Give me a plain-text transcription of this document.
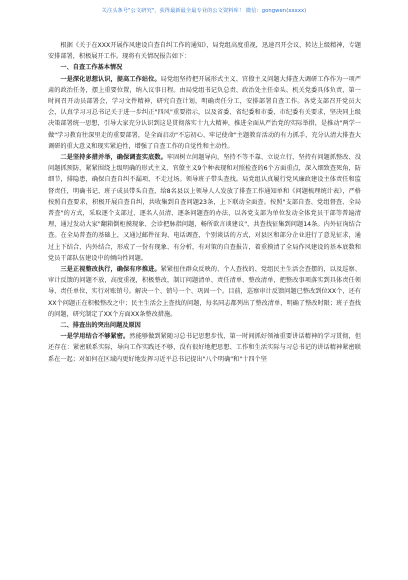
关注头条号"公文研究"，获得最新最全最专业的公文资料库！ 微信：gongwen(xxxxx)

根据《关于在XXX开展作风建设自查自纠工作的通知》，局党组高度重视，迅速召开会议，转达上级精神，专题安排部署，积极展开工作。现将有关情况报告如下：

一、自查工作基本情况

一是深化思想认识，提高工作站位。局党组坚持把开展形式主义、官僚主义问题大排查大调研工作作为一项严肃的政治任务，摆上重要位置，纳入议事日程。由局党组书记负总责、政治处主任牵头、机关党委具体负责，第一时间召开动员部署会，学习文件精神，研究自查计划，明确责任分工，安排部署自查工作。各党支部召开党员大会，认真学习习总书记关于进一步纠正"四风"重要指示，以及省委、省纪委和市委、市纪委有关要求，坚决同上级决策部署统一思想，引导大家充分认识到这是贯彻落实十九大精神，推进全面从严治党的实际举措，是推动"两学一做"学习教育往深里走的重要部署，是全面启动"不忘初心、牢记使命"主题教育活动的有力抓手，充分认清大排查大调研的重大意义和现实紧迫性，增强了自查工作的自觉性和主动性。

二是坚持多措并举，确保调查实底数。牢固树立问题导向，坚持不等不靠、立说立行，坚持有问题抓整改、没问题抓预防，紧紧围绕上级明确的形式主义、官僚主义9个种表现和对照检查的6个方面重点，深入细致查死角，防细节，排隐患，确保自查自纠不漏项，不走过场。领导班子带头查找。局党组认真履行党风廉政建设主体责任和监督责任，明确书记、班子成员带头自查，给8名县以上领导人人发放了排查工作通知单和《问题梳理统计表》，严格按照自查要求，积极开展自查自纠，共收集到自查问题23条，上下联动全面查。按照"支部自查、党组督查、全局普查"的方式，采取逐个支部过、逐名人员清、逐条问题查的办法，以各党支部为单位发动全体党员干部等普遍清理，通过发动大家"翻箱倒柜摸现象、会诊把脉指问题，畅所欲言谈建议"，共查找征集到问题14条。内外征询结合查。在全局普查的基础上，又通过邮件征询、电话调查，个别谈话的方式，对县区和部分企业进行了意见征求，通过上下结合、内外结合，形成了一份有现象、有分析，有对策的自查报告，着重摸清了全局作风建设的基本底数和党员干部队伍建设中的倾向性问题。

三是正视整改执行，确保有序推进。紧紧扭住群众反映的、个人查找的、党组民主生活会查摆的，以及巡察、审计反馈的问题不放，高度重视，积极整改，制订问题清单、责任清单、整改清单，把整改事项落实到具体责任领导、责任单位，实行对账销号。解决一个、销号一个、巩固一个。目前，巡察审计反馈问题已整改到位XX个，还有XX个问题正在积极整改之中；民主生活会上查找的问题，每名同志都列出了整改清单，明确了整改时限；班子查找的问题，研究制定了XX个方面XX条整改措施。

二、排查出的突出问题及原因

一是学用结合不够紧密。然能够做到紧随习总书记思想步伐，第一时间抓好领袖重要讲话精神的学习贯彻，但还存在：紧密联系实际，导向工作实践还不够，没有很好地把思想、工作和生活实际与习总书记的讲话精神紧密联系在一起；对如何在区域内更好地发挥习近平总书记提出"八个明确"和"十四个坚
